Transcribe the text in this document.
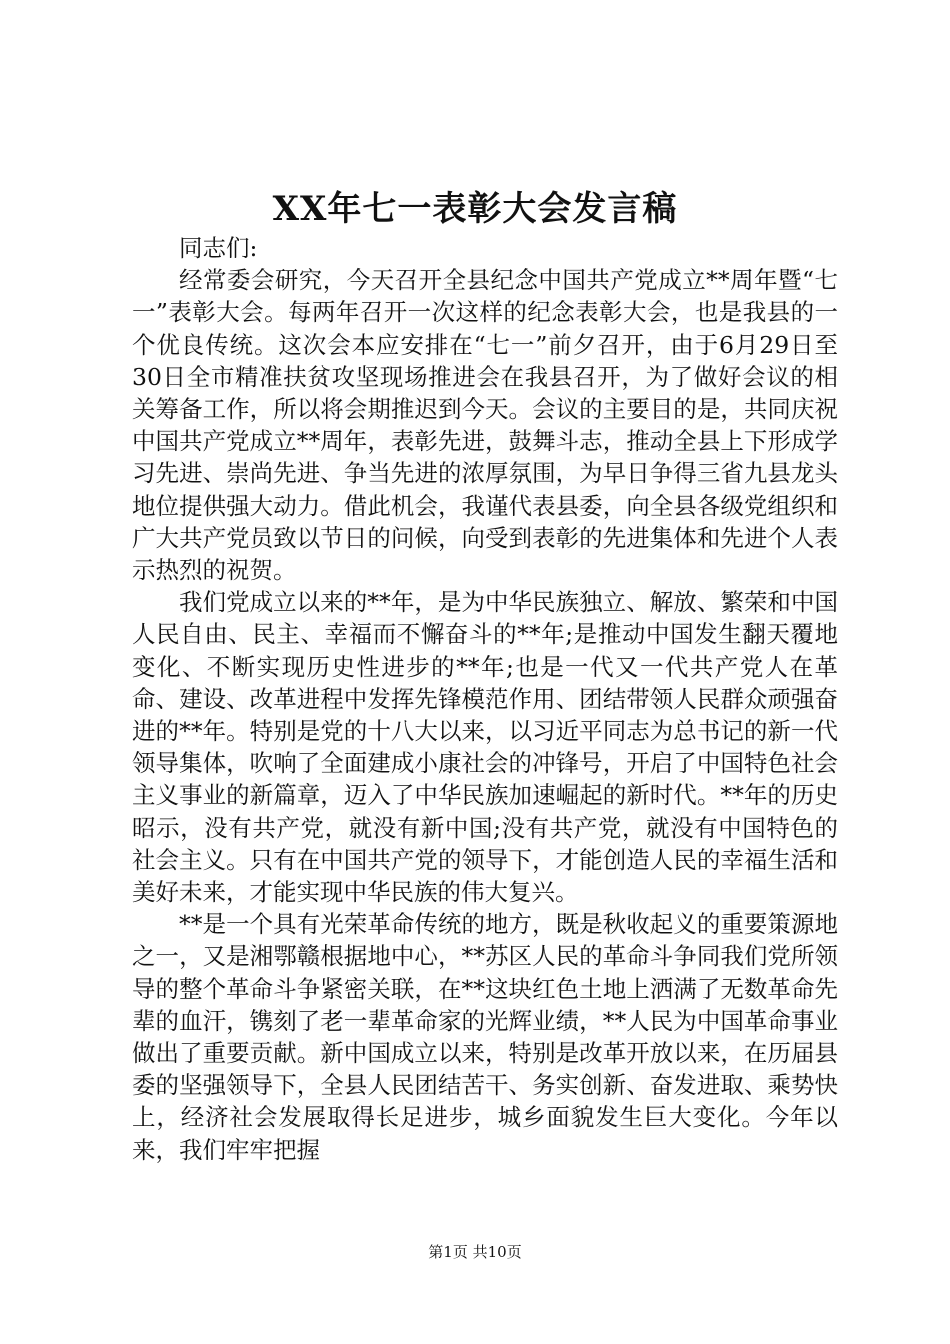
XX年七一表彰大会发言稿

同志们:

经常委会研究，今天召开全县纪念中国共产党成立**周年暨“七一”表彰大会。每两年召开一次这样的纪念表彰大会，也是我县的一个优良传统。这次会本应安排在“七一”前夕召开，由于6月29日至30日全市精准扶贫攻坚现场推进会在我县召开，为了做好会议的相关筹备工作，所以将会期推迟到今天。会议的主要目的是，共同庆祝中国共产党成立**周年，表彰先进，鼓舞斗志，推动全县上下形成学习先进、崇尚先进、争当先进的浓厚氛围，为早日争得三省九县龙头地位提供强大动力。借此机会，我谨代表县委，向全县各级党组织和广大共产党员致以节日的问候，向受到表彰的先进集体和先进个人表示热烈的祝贺。

我们党成立以来的**年，是为中华民族独立、解放、繁荣和中国人民自由、民主、幸福而不懈奋斗的**年;是推动中国发生翻天覆地变化、不断实现历史性进步的**年;也是一代又一代共产党人在革命、建设、改革进程中发挥先锋模范作用、团结带领人民群众顽强奋进的**年。特别是党的十八大以来，以习近平同志为总书记的新一代领导集体，吹响了全面建成小康社会的冲锋号，开启了中国特色社会主义事业的新篇章，迈入了中华民族加速崛起的新时代。**年的历史昭示，没有共产党，就没有新中国;没有共产党，就没有中国特色的社会主义。只有在中国共产党的领导下，才能创造人民的幸福生活和美好未来，才能实现中华民族的伟大复兴。

**是一个具有光荣革命传统的地方，既是秋收起义的重要策源地之一，又是湘鄂赣根据地中心，**苏区人民的革命斗争同我们党所领导的整个革命斗争紧密关联，在**这块红色土地上洒满了无数革命先辈的血汗，镌刻了老一辈革命家的光辉业绩，**人民为中国革命事业做出了重要贡献。新中国成立以来，特别是改革开放以来，在历届县委的坚强领导下，全县人民团结苦干、务实创新、奋发进取、乘势快上，经济社会发展取得长足进步，城乡面貌发生巨大变化。今年以来，我们牢牢把握

第1页 共10页
